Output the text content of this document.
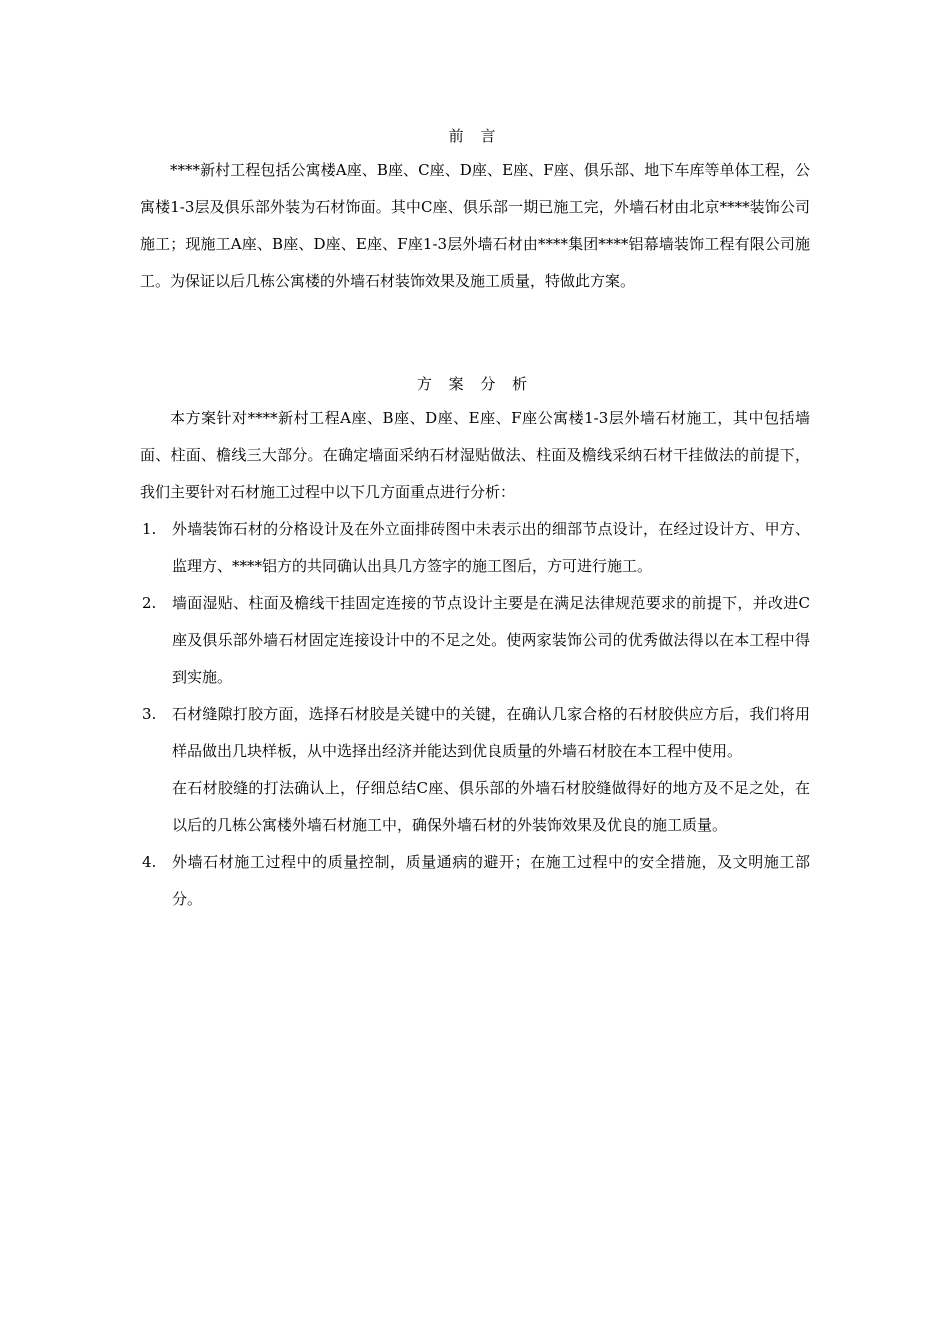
前 言
****新村工程包括公寓楼A座、B座、C座、D座、E座、F座、俱乐部、地下车库等单体工程，公寓楼1-3层及俱乐部外装为石材饰面。其中C座、俱乐部一期已施工完，外墙石材由北京****装饰公司施工；现施工A座、B座、D座、E座、F座1-3层外墙石材由****集团****铝幕墙装饰工程有限公司施工。为保证以后几栋公寓楼的外墙石材装饰效果及施工质量，特做此方案。
方 案 分 析
本方案针对****新村工程A座、B座、D座、E座、F座公寓楼1-3层外墙石材施工，其中包括墙面、柱面、檐线三大部分。在确定墙面采纳石材湿贴做法、柱面及檐线采纳石材干挂做法的前提下，我们主要针对石材施工过程中以下几方面重点进行分析：
1. 外墙装饰石材的分格设计及在外立面排砖图中未表示出的细部节点设计，在经过设计方、甲方、监理方、****铝方的共同确认出具几方签字的施工图后，方可进行施工。
2. 墙面湿贴、柱面及檐线干挂固定连接的节点设计主要是在满足法律规范要求的前提下，并改进C座及俱乐部外墙石材固定连接设计中的不足之处。使两家装饰公司的优秀做法得以在本工程中得到实施。
3. 石材缝隙打胶方面，选择石材胶是关键中的关键，在确认几家合格的石材胶供应方后，我们将用样品做出几块样板，从中选择出经济并能达到优良质量的外墙石材胶在本工程中使用。
在石材胶缝的打法确认上，仔细总结C座、俱乐部的外墙石材胶缝做得好的地方及不足之处，在以后的几栋公寓楼外墙石材施工中，确保外墙石材的外装饰效果及优良的施工质量。
4. 外墙石材施工过程中的质量控制，质量通病的避开；在施工过程中的安全措施，及文明施工部分。
